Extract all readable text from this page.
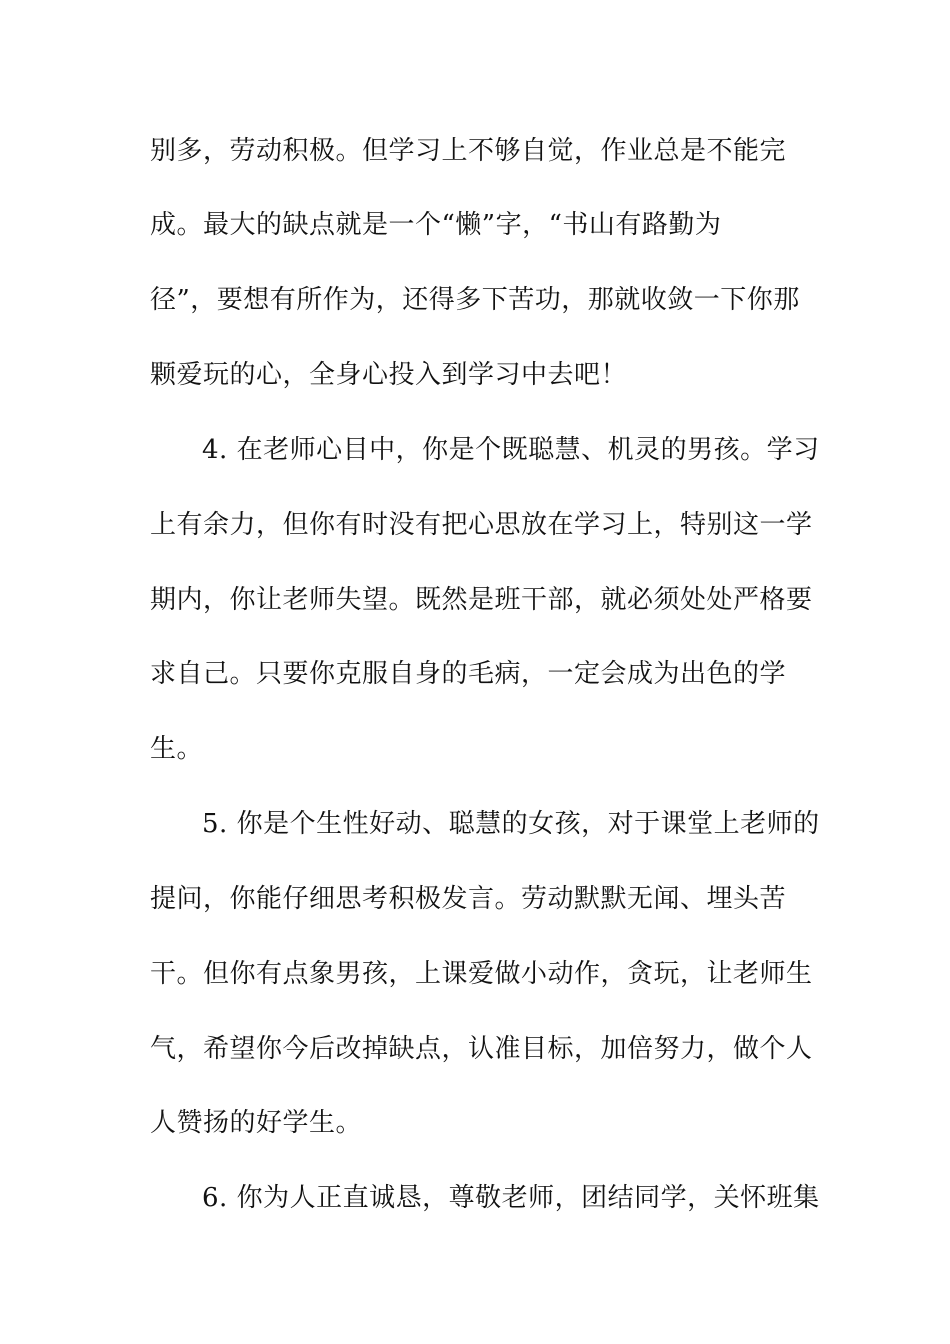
别多，劳动积极。但学习上不够自觉，作业总是不能完
成。最大的缺点就是一个“懒”字，“书山有路勤为
径”，要想有所作为，还得多下苦功，那就收敛一下你那
颗爱玩的心，全身心投入到学习中去吧！
4. 在老师心目中，你是个既聪慧、机灵的男孩。学习
上有余力，但你有时没有把心思放在学习上，特别这一学
期内，你让老师失望。既然是班干部，就必须处处严格要
求自己。只要你克服自身的毛病，一定会成为出色的学
生。
5. 你是个生性好动、聪慧的女孩，对于课堂上老师的
提问，你能仔细思考积极发言。劳动默默无闻、埋头苦
干。但你有点象男孩，上课爱做小动作，贪玩，让老师生
气，希望你今后改掉缺点，认准目标，加倍努力，做个人
人赞扬的好学生。
6. 你为人正直诚恳，尊敬老师，团结同学，关怀班集
